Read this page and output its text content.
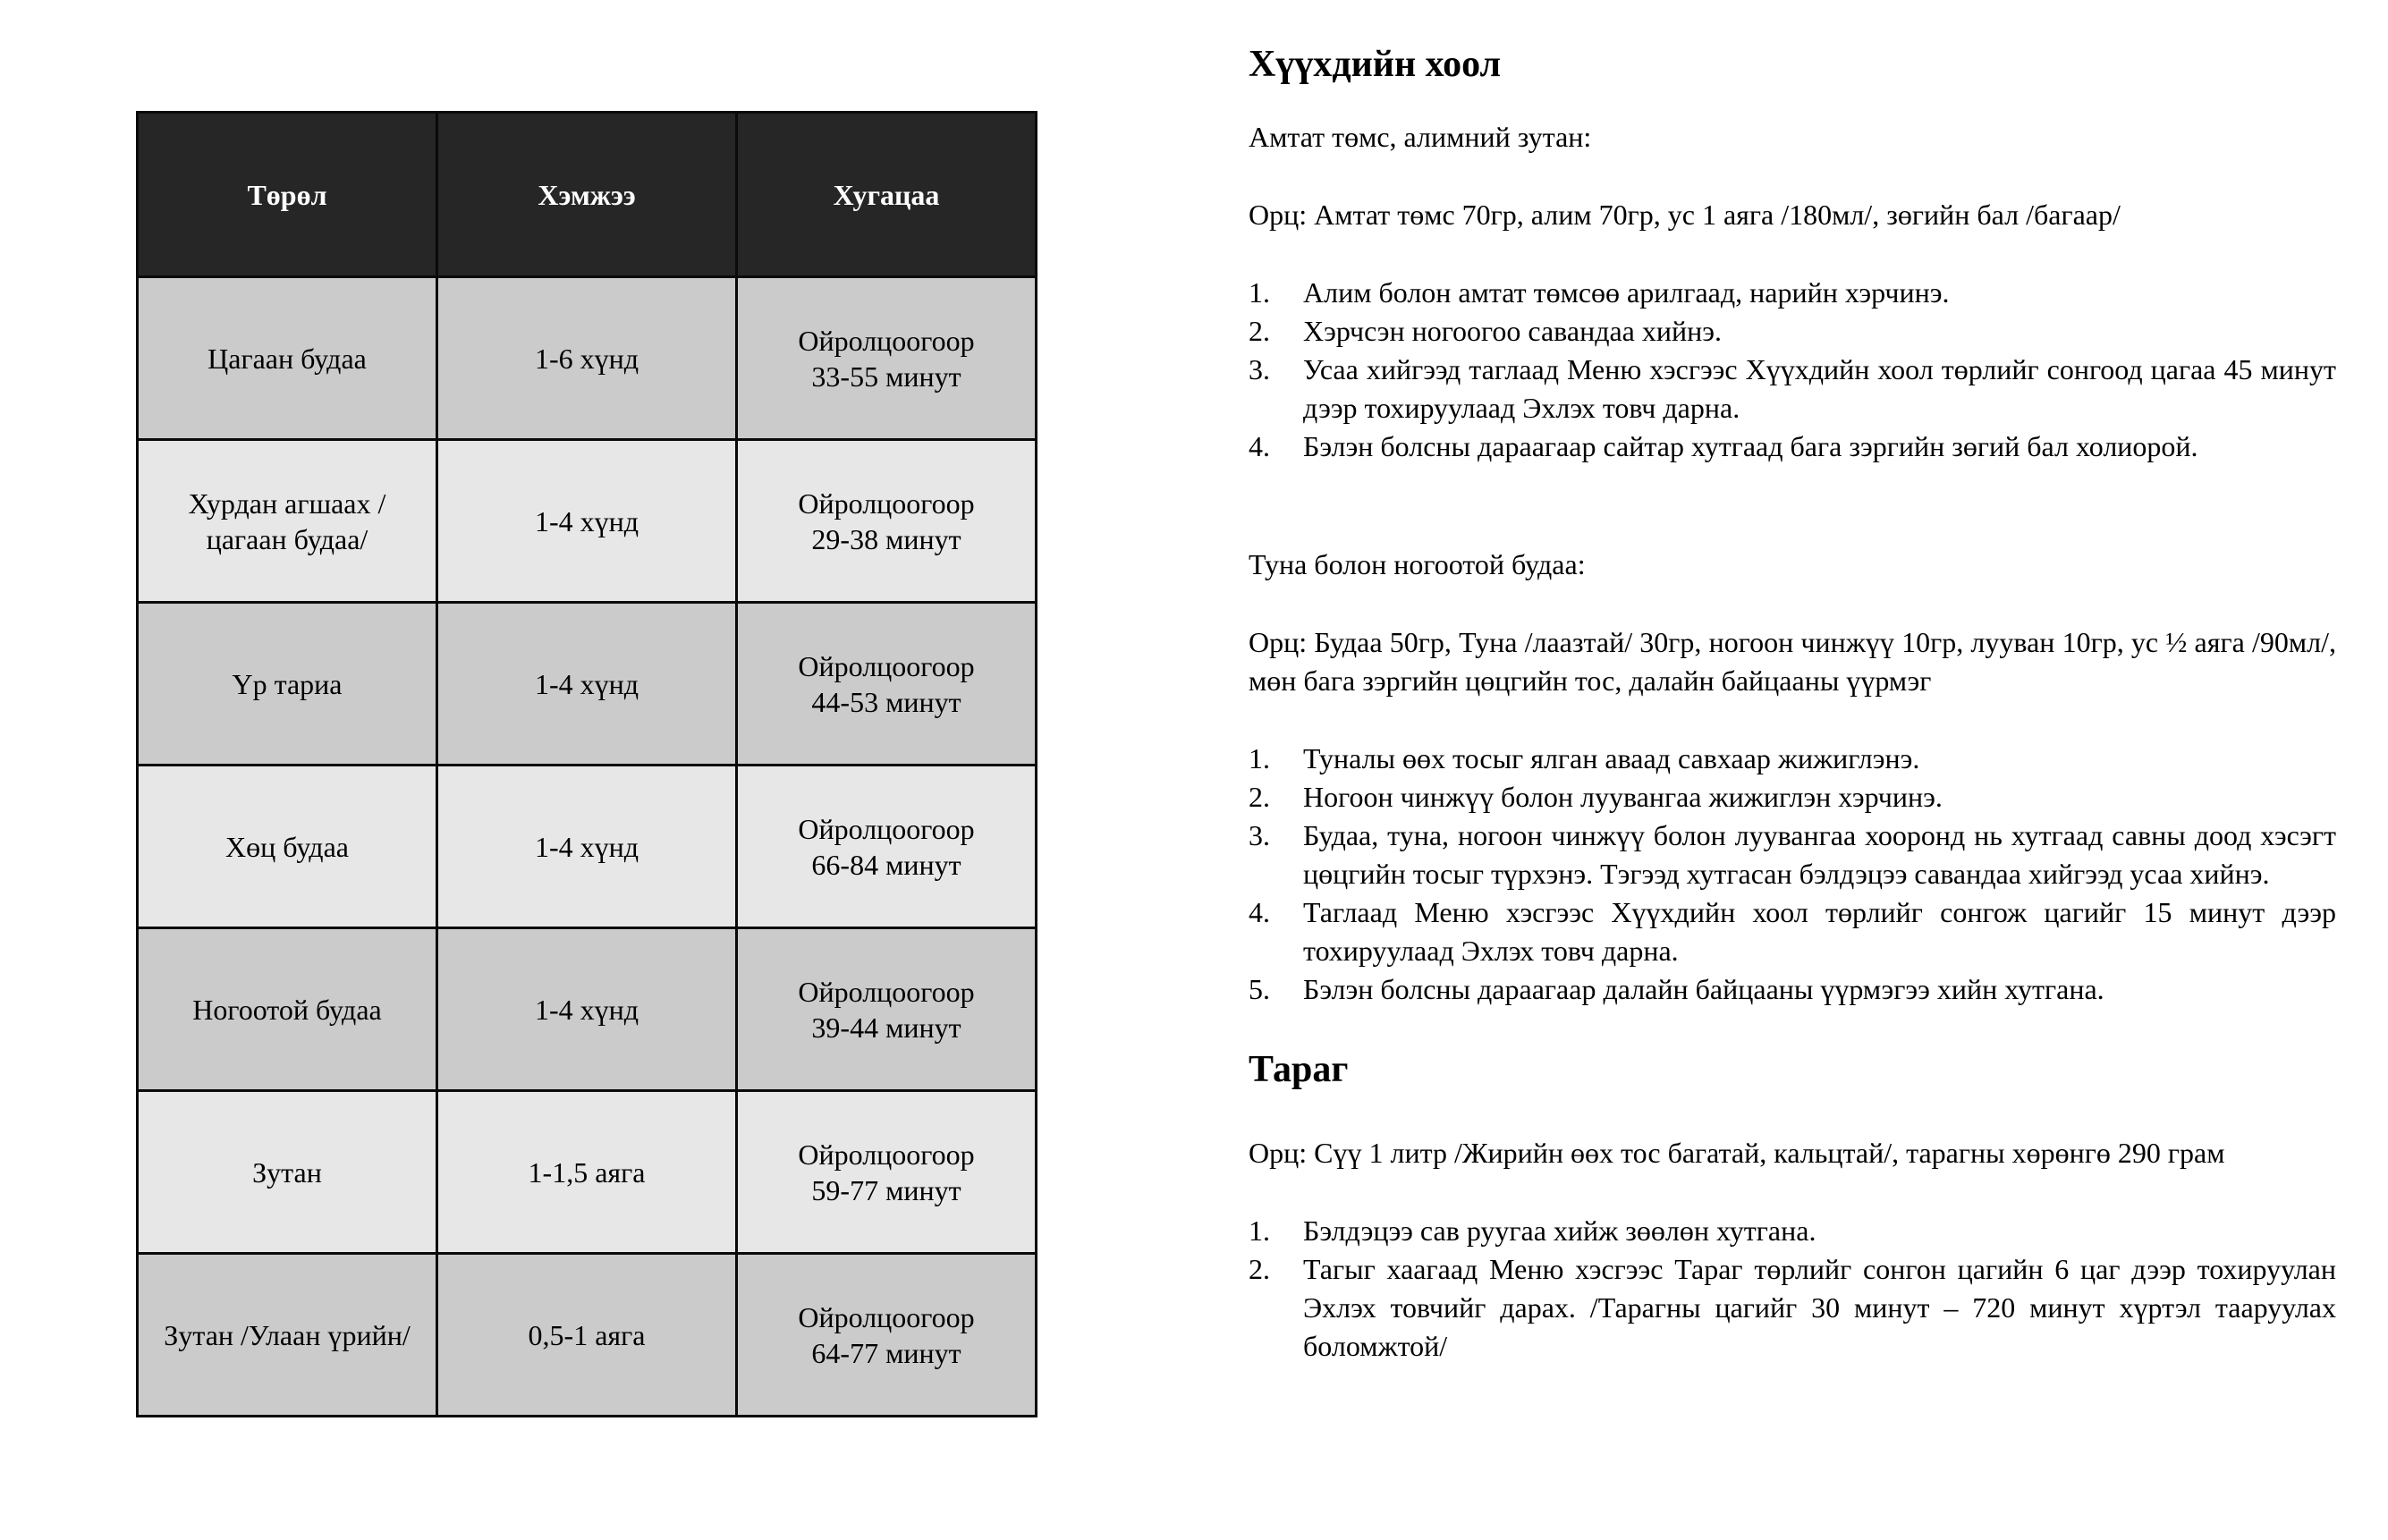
Төрөл	Хэмжээ	Хугацаа
Цагаан будаа	1-6 хүнд	Ойролцоогоор
33-55 минут

Хурдан агшаах /цагаан будаа/	1-4 хүнд	Ойролцоогоор
29-38 минут

Үр тариа	1-4 хүнд	Ойролцоогоор
44-53 минут

Хөц будаа	1-4 хүнд	Ойролцоогоор
66-84 минут

Ногоотой будаа	1-4 хүнд	Ойролцоогоор
39-44 минут

Зутан	1-1,5 аяга	Ойролцоогоор
59-77 минут

Зутан /Улаан үрийн/	0,5-1 аяга	Ойролцоогоор
64-77 минут
Хүүхдийн хоол

Амтат төмс, алимний зутан:

Орц: Амтат төмс 70гр, алим 70гр, ус 1 аяга /180мл/, зөгийн бал /багаар/

1. Алим болон амтат төмсөө арилгаад, нарийн хэрчинэ.
2. Хэрчсэн ногоогоо савандаа хийнэ.
3. Усаа хийгээд таглаад Меню хэсгээс Хүүхдийн хоол төрлийг сонгоод цагаа 45 минут дээр тохируулаад Эхлэх товч дарна.
4. Бэлэн болсны дараагаар сайтар хутгаад бага зэргийн зөгий бал холиорой.

Туна болон ногоотой будаа:

Орц: Будаа 50гр, Туна /лаазтай/ 30гр, ногоон чинжүү 10гр, лууван 10гр, ус ½ аяга /90мл/, мөн бага зэргийн цөцгийн тос, далайн байцааны үүрмэг

1. Туналы өөх тосыг ялган аваад савхаар жижиглэнэ.
2. Ногоон чинжүү болон луувангаа жижиглэн хэрчинэ.
3. Будаа, туна, ногоон чинжүү болон луувангаа хооронд нь хутгаад савны доод хэсэгт цөцгийн тосыг түрхэнэ. Тэгээд хутгасан бэлдэцээ савандаа хийгээд усаа хийнэ.
4. Таглаад Меню хэсгээс Хүүхдийн хоол төрлийг сонгож цагийг 15 минут дээр тохируулаад Эхлэх товч дарна.
5. Бэлэн болсны дараагаар далайн байцааны үүрмэгээ хийн хутгана.
Тараг

Орц: Сүү 1 литр /Жирийн өөх тос багатай, кальцтай/, тарагны хөрөнгө 290 грам

1. Бэлдэцээ сав руугаа хийж зөөлөн хутгана.
2. Тагыг хаагаад Меню хэсгээс Тараг төрлийг сонгон цагийн 6 цаг дээр тохируулан Эхлэх товчийг дарах. /Тарагны цагийг 30 минут – 720 минут хүртэл тааруулах боломжтой/
